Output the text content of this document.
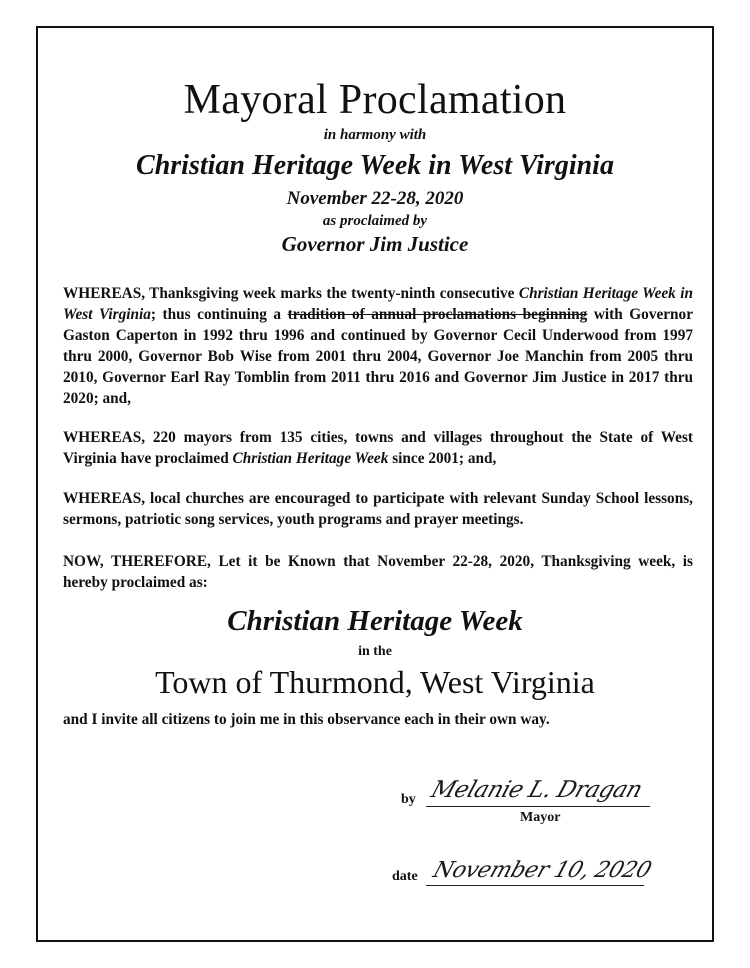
Mayoral Proclamation
in harmony with
Christian Heritage Week in West Virginia
November 22-28, 2020
as proclaimed by
Governor Jim Justice

WHEREAS, Thanksgiving week marks the twenty-ninth consecutive Christian Heritage Week in West Virginia; thus continuing a tradition of annual proclamations beginning with Governor Gaston Caperton in 1992 thru 1996 and continued by Governor Cecil Underwood from 1997 thru 2000, Governor Bob Wise from 2001 thru 2004, Governor Joe Manchin from 2005 thru 2010, Governor Earl Ray Tomblin from 2011 thru 2016 and Governor Jim Justice in 2017 thru 2020; and,

WHEREAS, 220 mayors from 135 cities, towns and villages throughout the State of West Virginia have proclaimed Christian Heritage Week since 2001; and,

WHEREAS, local churches are encouraged to participate with relevant Sunday School lessons, sermons, patriotic song services, youth programs and prayer meetings.

NOW, THEREFORE, Let it be Known that November 22-28, 2020, Thanksgiving week, is hereby proclaimed as:

Christian Heritage Week
in the
Town of Thurmond, West Virginia
and I invite all citizens to join me in this observance each in their own way.
by Melanie L. Dragan
Mayor
date November 10, 2020
